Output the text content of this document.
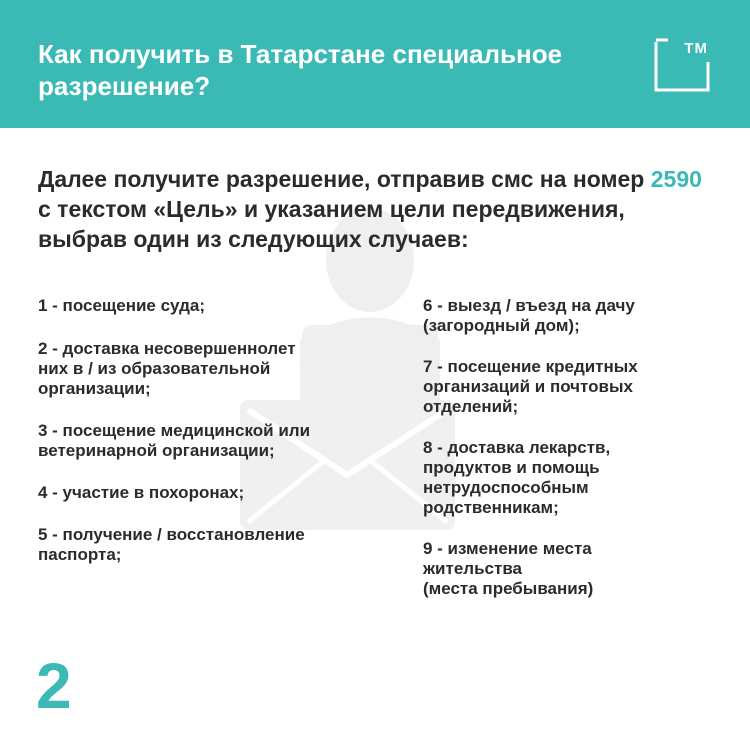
Как получить в Татарстане специальное разрешение?
ТМ

Далее получите разрешение, отправив смс на номер 2590 с текстом «Цель» и указанием цели передвижения, выбрав один из следующих случаев:

1 - посещение суда;
2 - доставка несовершеннолет
них в / из образовательной
организации;
3 - посещение медицинской или
ветеринарной организации;
4 - участие в похоронах;
5 - получение / восстановление
паспорта;
6 - выезд / въезд на дачу
(загородный дом);
7 - посещение кредитных
организаций и почтовых
отделений;
8 - доставка лекарств,
продуктов и помощь
нетрудоспособным
родственникам;
9 - изменение места
жительства
(места пребывания)
2
